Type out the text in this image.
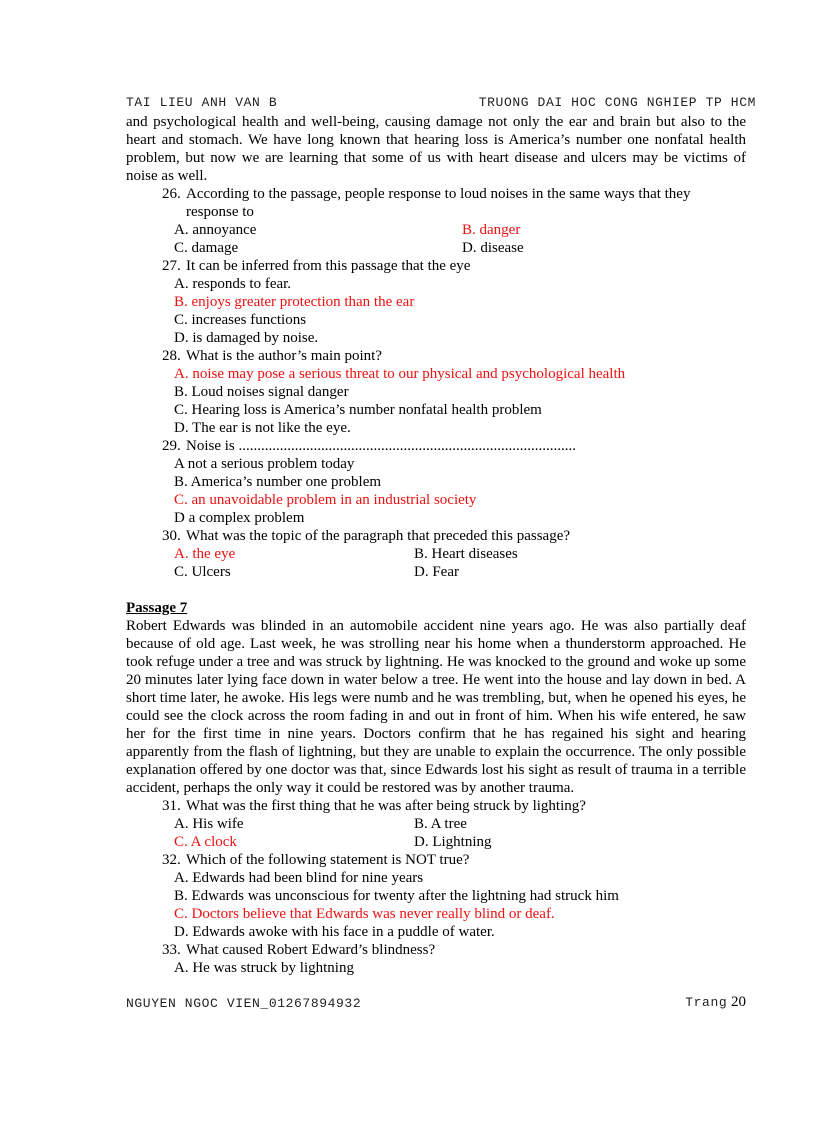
TAI LIEU ANH VAN B	TRUONG DAI HOC CONG NGHIEP TP HCM

and psychological health and well-being, causing damage not only the ear and brain but also to the heart and stomach. We have long known that hearing loss is America’s number one nonfatal health problem, but now we are learning that some of us with heart disease and ulcers may be victims of noise as well.

26. According to the passage, people response to loud noises in the same ways that they response to

A. annoyance	B. danger
C. damage	D. disease

27. It can be inferred from this passage that the eye

A. responds to fear.

B. enjoys greater protection than the ear

C. increases functions

D. is damaged by noise.

28. What is the author’s main point?

A. noise may pose a serious threat to our physical and psychological health

B. Loud noises signal danger

C. Hearing loss is America’s number nonfatal health problem

D. The ear is not like the eye.

29. Noise is ..........................................................................................

A not a serious problem today

B. America’s number one problem

C. an unavoidable problem in an industrial society

D a complex problem

30. What was the topic of the paragraph that preceded this passage?

A. the eye	B. Heart diseases
C. Ulcers	D. Fear

Passage 7

Robert Edwards was blinded in an automobile accident nine years ago. He was also partially deaf because of old age. Last week, he was strolling near his home when a thunderstorm approached. He took refuge under a tree and was struck by lightning. He was knocked to the ground and woke up some 20 minutes later lying face down in water below a tree. He went into the house and lay down in bed. A short time later, he awoke. His legs were numb and he was trembling, but, when he opened his eyes, he could see the clock across the room fading in and out in front of him. When his wife entered, he saw her for the first time in nine years. Doctors confirm that he has regained his sight and hearing apparently from the flash of lightning, but they are unable to explain the occurrence. The only possible explanation offered by one doctor was that, since Edwards lost his sight as result of trauma in a terrible accident, perhaps the only way it could be restored was by another trauma.

31. What was the first thing that he was after being struck by lighting?

A. His wife	B. A tree
C. A clock	D. Lightning

32. Which of the following statement is NOT true?

A. Edwards had been blind for nine years

B. Edwards was unconscious for twenty after the lightning had struck him

C. Doctors believe that Edwards was never really blind or deaf.

D. Edwards awoke with his face in a puddle of water.

33. What caused Robert Edward’s blindness?

A. He was struck by lightning

NGUYEN NGOC VIEN_01267894932	Trang 20
